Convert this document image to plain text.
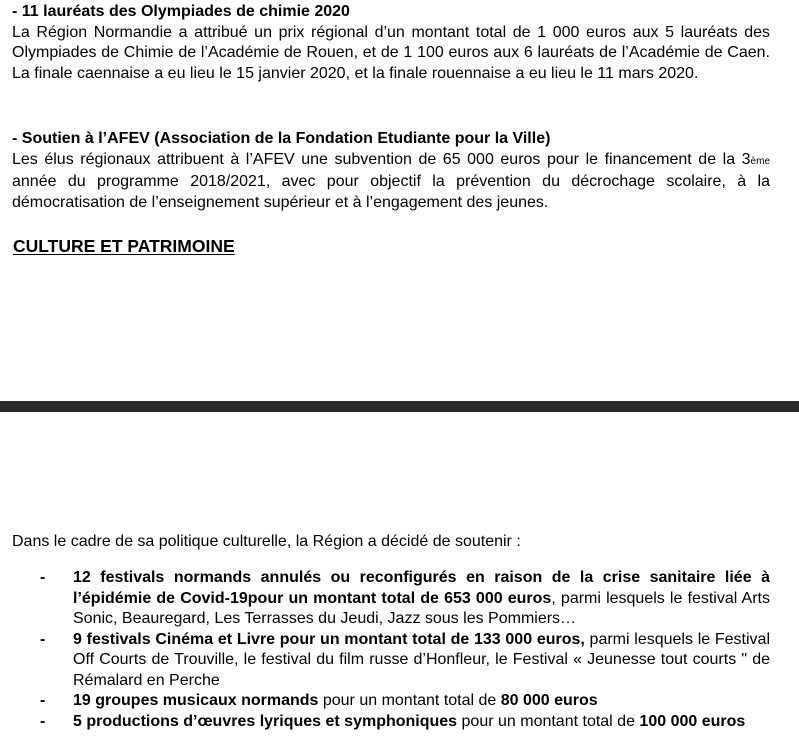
- 11 lauréats des Olympiades de chimie 2020
La Région Normandie a attribué un prix régional d’un montant total de 1 000 euros aux 5 lauréats des Olympiades de Chimie de l’Académie de Rouen, et de 1 100 euros aux 6 lauréats de l’Académie de Caen. La finale caennaise a eu lieu le 15 janvier 2020, et la finale rouennaise a eu lieu le 11 mars 2020.
- Soutien à l’AFEV (Association de la Fondation Etudiante pour la Ville)
Les élus régionaux attribuent à l’AFEV une subvention de 65 000 euros pour le financement de la 3ème année du programme 2018/2021, avec pour objectif la prévention du décrochage scolaire, à la démocratisation de l’enseignement supérieur et à l’engagement des jeunes.
CULTURE ET PATRIMOINE
Dans le cadre de sa politique culturelle, la Région a décidé de soutenir :
- 12 festivals normands annulés ou reconfigurés en raison de la crise sanitaire liée à l’épidémie de Covid-19pour un montant total de 653 000 euros, parmi lesquels le festival Arts Sonic, Beauregard, Les Terrasses du Jeudi, Jazz sous les Pommiers…
- 9 festivals Cinéma et Livre pour un montant total de 133 000 euros, parmi lesquels le Festival Off Courts de Trouville, le festival du film russe d’Honfleur, le Festival « Jeunesse tout courts " de Rémalard en Perche
- 19 groupes musicaux normands pour un montant total de 80 000 euros
- 5 productions d’œuvres lyriques et symphoniques pour un montant total de 100 000 euros
